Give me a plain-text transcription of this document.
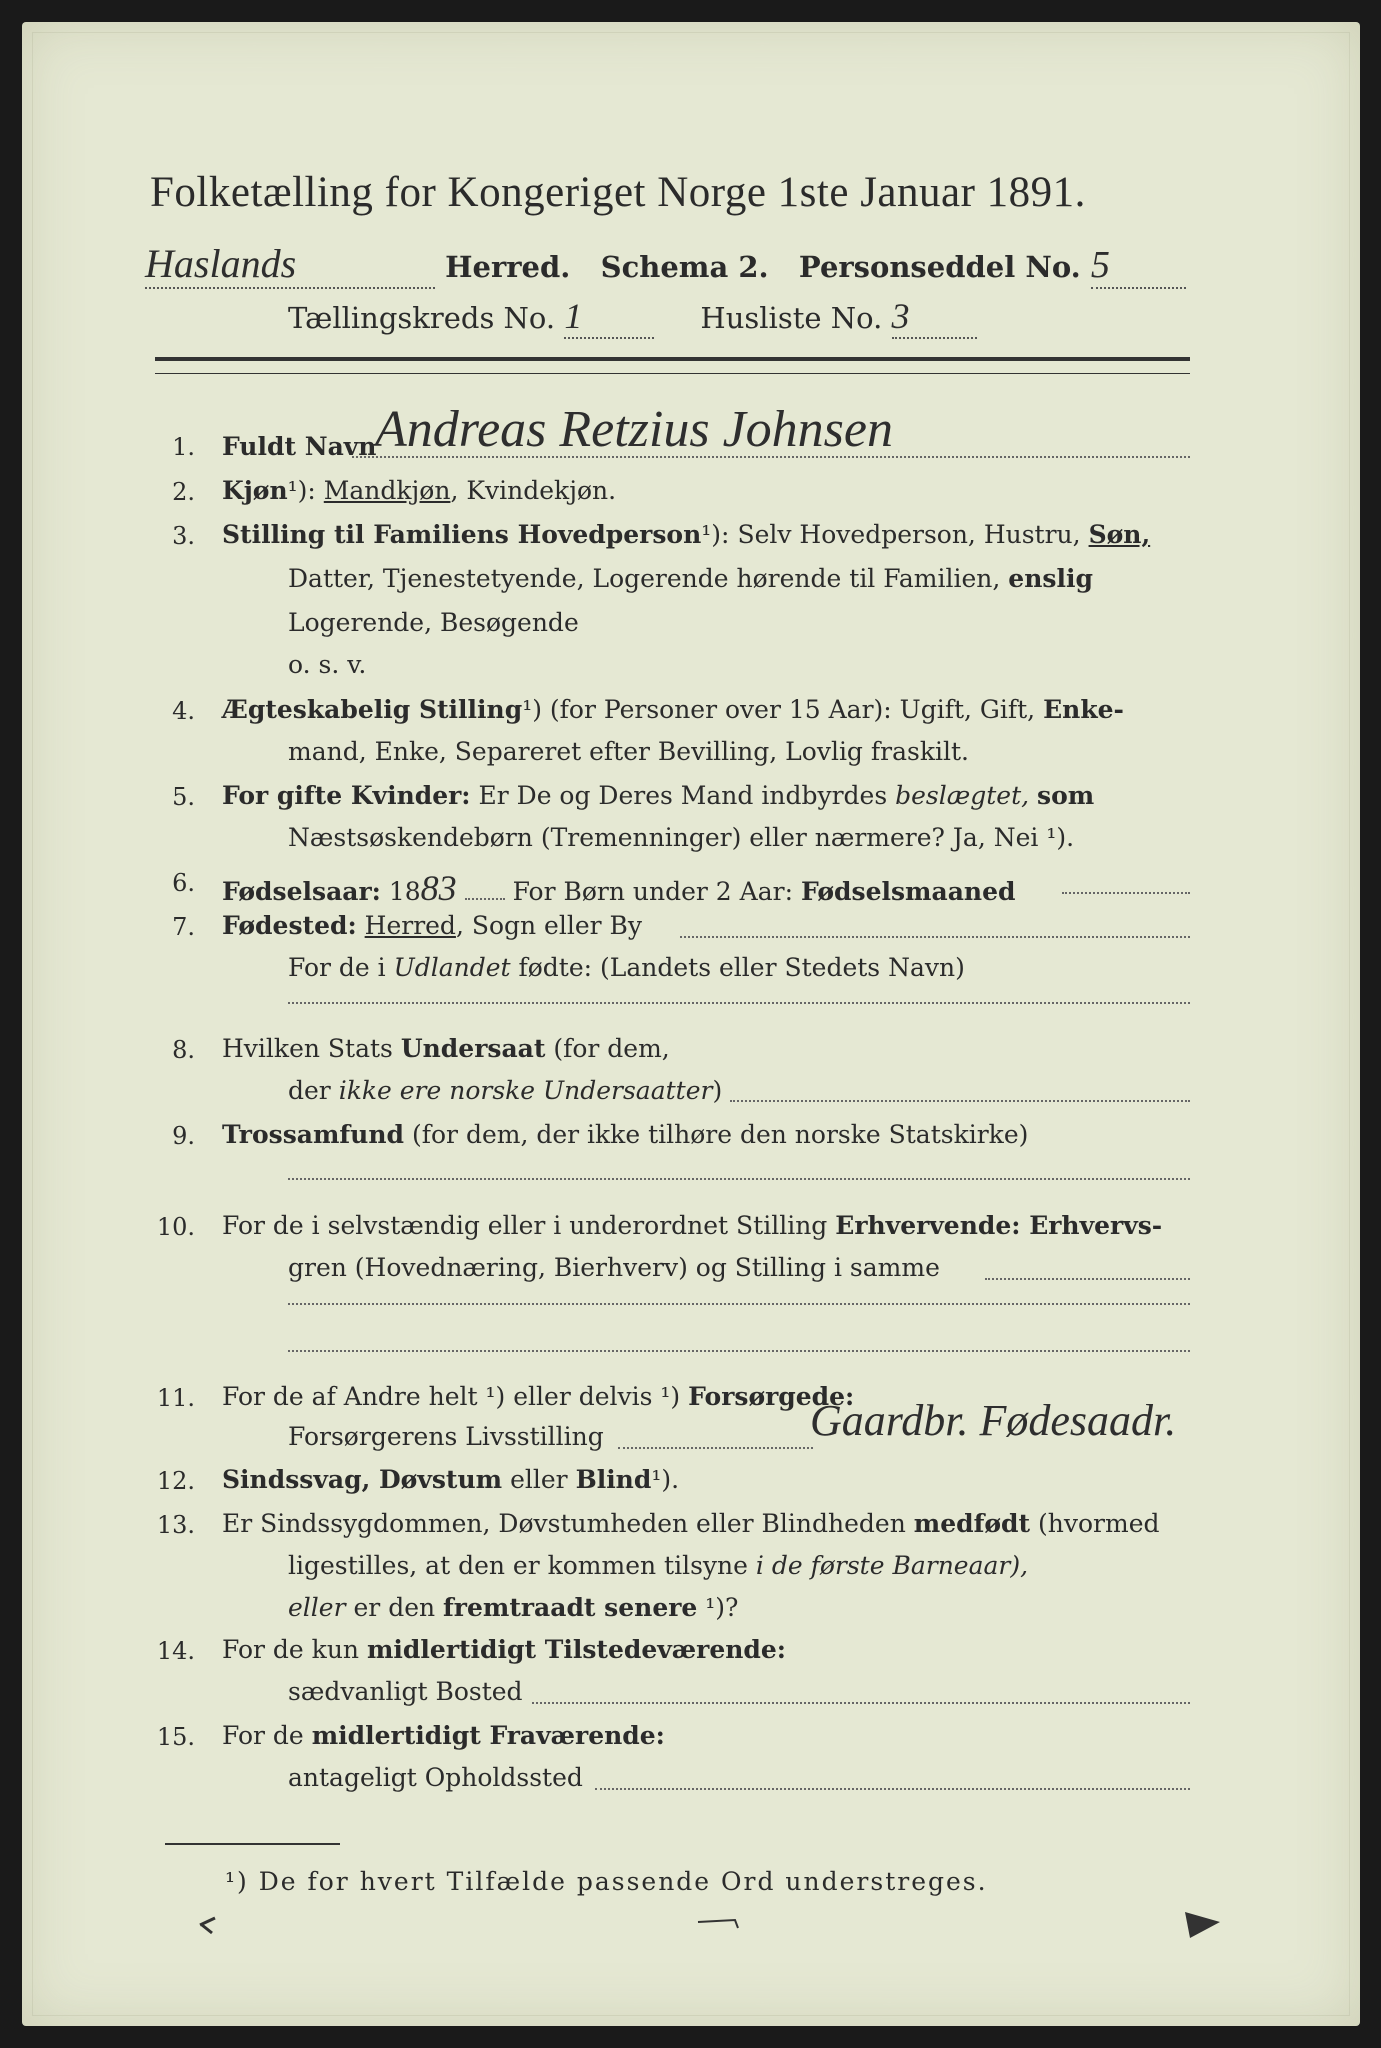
Folketælling for Kongeriget Norge 1ste Januar 1891.
Haslands	Herred. Schema 2. Personseddel No. 5
Tællingskreds No. 1	Husliste No. 3
1. Fuldt Navn
Andreas Retzius Johnsen
2. Kjøn¹): Mandkjøn, Kvindekjøn.
3. Stilling til Familiens Hovedperson¹): Selv Hovedperson, Hustru, Søn,
Datter, Tjenestetyende, Logerende hørende til Familien, enslig
Logerende, Besøgende
o. s. v.
4. Ægteskabelig Stilling¹) (for Personer over 15 Aar): Ugift, Gift, Enke-
mand, Enke, Separeret efter Bevilling, Lovlig fraskilt.
5. For gifte Kvinder: Er De og Deres Mand indbyrdes beslægtet, som
Næstsøskendebørn (Tremenninger) eller nærmere? Ja, Nei ¹).
6. Fødselsaar: 1883 For Børn under 2 Aar: Fødselsmaaned
7. Fødested: Herred, Sogn eller By
For de i Udlandet fødte: (Landets eller Stedets Navn)
8. Hvilken Stats Undersaat (for dem,
der ikke ere norske Undersaatter)
9. Trossamfund (for dem, der ikke tilhøre den norske Statskirke)
10. For de i selvstændig eller i underordnet Stilling Erhvervende: Erhvervs-
gren (Hovednæring, Bierhverv) og Stilling i samme
11. For de af Andre helt ¹) eller delvis ¹) Forsørgede:
Forsørgerens Livsstilling	Gaardbr. Fødesaadr.
12. Sindssvag, Døvstum eller Blind¹).
13. Er Sindssygdommen, Døvstumheden eller Blindheden medfødt (hvormed
ligestilles, at den er kommen tilsyne i de første Barneaar),
eller er den fremtraadt senere ¹)?
14. For de kun midlertidigt Tilstedeværende:
sædvanligt Bosted
15. For de midlertidigt Fraværende:
antageligt Opholdssted
¹) De for hvert Tilfælde passende Ord understreges.
